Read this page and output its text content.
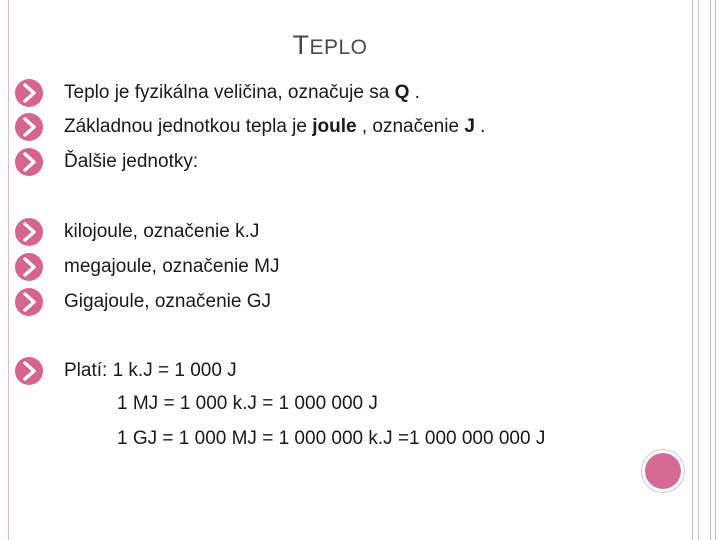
TEPLO
Teplo je fyzikálna veličina, označuje sa Q .
Základnou jednotkou tepla je joule , označenie J .
Ďalšie jednotky:
kilojoule, označenie k.J
megajoule, označenie MJ
Gigajoule, označenie GJ
Platí: 1 k.J = 1 000 J
1 MJ = 1 000 k.J = 1 000 000 J
1 GJ = 1 000 MJ = 1 000 000 k.J =1 000 000 000 J
